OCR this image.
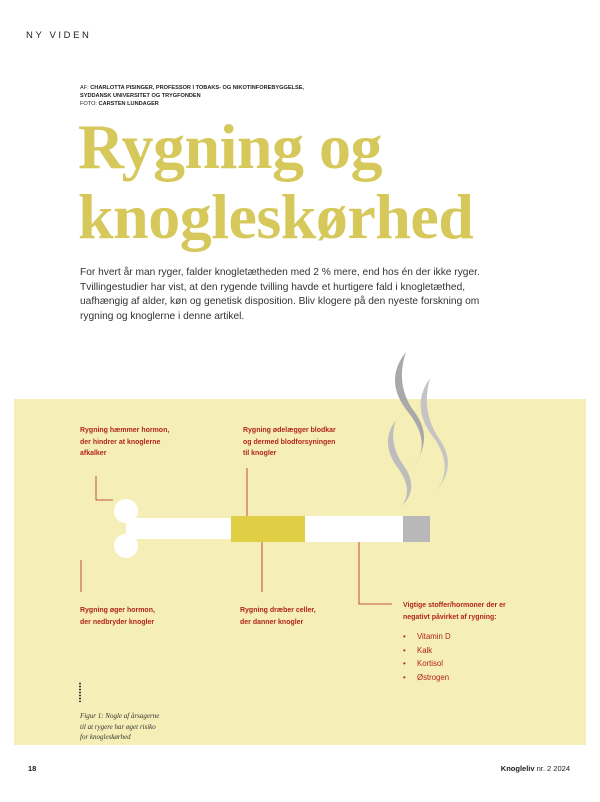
NY VIDEN
AF: CHARLOTTA PISINGER, PROFESSOR I TOBAKS- OG NIKOTINFOREBYGGELSE,
SYDDANSK UNIVERSITET OG TRYGFONDEN
FOTO: CARSTEN LUNDAGER
Rygning og
knogleskørhed
For hvert år man ryger, falder knogletætheden med 2 % mere, end hos én der ikke ryger. Tvillingestudier har vist, at den rygende tvilling havde et hurtigere fald i knogletæthed, uafhængig af alder, køn og genetisk disposition. Bliv klogere på den nyeste forskning om rygning og knoglerne i denne artikel.
Rygning hæmmer hormon,
der hindrer at knoglerne
afkalker
Rygning ødelægger blodkar
og dermed blodforsyningen
til knogler
Rygning øger hormon,
der nedbryder knogler
Rygning dræber celler,
der danner knogler
Vigtige stoffer/hormoner der er
negativt påvirket af rygning:
• Vitamin D
• Kalk
• Kortisol
• Østrogen
Figur 1: Nogle af årsagerne
til at rygere har øget risiko
for knogleskørhed
18	Knogleliv nr. 2 2024
